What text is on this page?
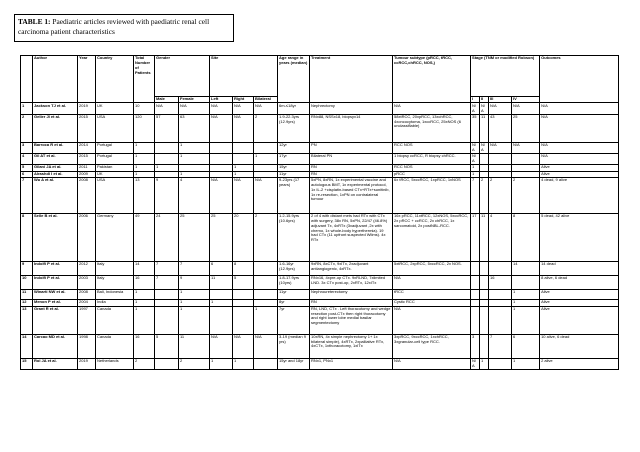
TABLE 1: Paediatric articles reviewed with paediatric renal cell carcinoma patient characteristics
	Author	Year	Country	Total Number of Patients	Gender		Site			Age range in years (median)	Treatment	Tumour subtype (pRCC, tRCC, ccRCC,chRCC, NOS,)	Stage (TNM or modified Robson)				Outcomes
					Male	Female	Left	Right	Bilateral				I	II	III	IV	
1	Jackson TJ et al.	2019	UK	10	N/A	N/A	N/A	N/A	N/A	6m-≤18yr	Nephrectomy	N/A	N/A	N/A	N/A	N/A	N/A
2	Geller JI et al.	2015	USA	120	57	63	N/A	N/A	2	1.9-22.3yrs (12.9yrs)	RNx88, NSSx18, biopsyx14	58xtRCC, 20xpRCC, 13xchRCC, 4xoncocytoma, 1xccRCC, 25xNOS (6 unclassifiable)	35	11	43	25	N/A
3	Barroca R et al.	2014	Portugal	1		1				12yr	PN	RCC NOS	N/A	N/A	N/A	N/A	N/A
4	Gil AT et al.	2015	Portugal	1		1			1	17yr	Bilateral PN	1 biopsy ccRCC, R biopsy chRCC.	N/A				N/A
5	Gilani JA et al.	2011	Pakistan	1	1			1		15yr	RN	RCC NOS	1				Alive
6	Alrashdi I et al.	2009	UK	1		1		1		11yr	RN	pRCC	1				Alive
7	Wu A et al.	2008	USA	13	9	4	N/A	N/A	N/A	9-23yrs (17 years)	5xPN, 8xRN, 1x experimental vaccine and autologous BMT, 1x experimental protocol, 1x IL-2 +cisplatin-based CTx+RTx+sunitinib, 1x re-resection, 1xPN on contralateral tumour	6x tRCC, 5xccRCC, 1xpRCC, 1xNOS	7	2	2	2	4 dead, 9 alive
8	Selle B et al.	2006	Germany	49	24	25	25	20	2	1.2-15.9yrs (10.6yrs)	2 of 4 with distant mets had RTx with CTx with surgery, 38x RN, 5xPN, 22/47 (46.8%) adjuvant Tx, 4xRTx (3xadjuvant ,2x with chemo, 1x whole-body hyperthermia). 19 had CTx (11 upfront suspected Wilms). 4x RTx	16x pRCC, 11xtRCC, 12xNOS, 5xccRCC, 2x pRCC + ccRCC, 2x chRCC, 1x sarcomatoid, 2x postNBL-RCC.	17	11	4	8	5 dead, 42 alive
9	Indolfi P et al.	2012	Italy	14	7	7	6	8		1.6-16yr (12.9yrs)	9xRN, 8xCTx, 9xITx, 2xadjuvant antiangiogenic, 4xRTx.	5xtRCC, 2xpRCC, 5xccRCC, 2x NOS.				14	14 dead
10	Indolfi P et al.	2003	Italy	16	7	9	11	5		1.8-17.9yrs (10yrs)	RNx16, 4xpre-op CTx. 9xRLND, 7xlimited LND. 3x CTx post-op, 2xRTx, 12xITx	N/A			16		8 alive, 6 dead
11	Winarti NW et al.	2008	Bali, Indonesia	1		1				11yr	Nephroureterectomy	tRCC				1	Alive
12	Menon P et al.	2004	India	1		1	1			8yr	RN	Cystic RCC				1	Alive
13	Grant R et al.	1997	Canada	1		1			1	7yr	RN, LND, CTx . Left thoracotomy and wedge resection post-CTx then right thoracotomy and right lower lobe medial basilar segmentectomy	N/A				1	Alive
14	Carcao MD et al.	1998	Canada	16	5	11	N/A	N/A	N/A	3-19 (median 9 yrs)	10xRN, 4x simple nephrectomy 1+ 1x bilateral simple), 4xRTx, 2xpalliative RTx, 4xCTx, 1xthoracotomy, 1xITx	3xpRCC, 9xccRCC, 1xchRCC, 3xgranular-cell type RCC.	3		7	6	10 alive, 6 dead
15	Rol JA et al.	2019	Netherlands	2		2	1	1		15yr and 18yr	RNx1, PNx1	N/A	N/A	1		1	2 alive
